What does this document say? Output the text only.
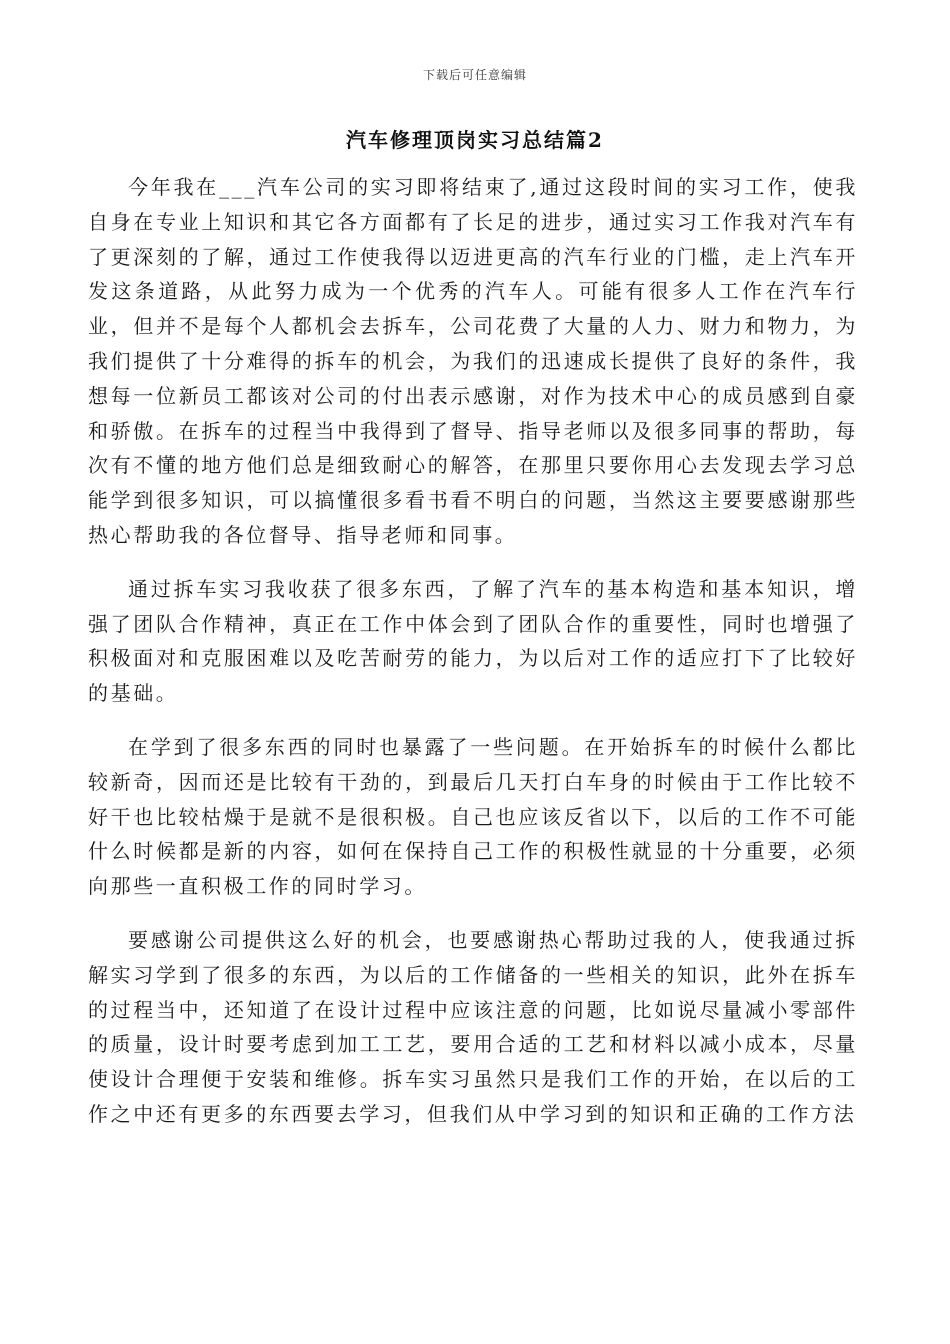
下载后可任意编辑
汽车修理顶岗实习总结篇2

今年我在___汽车公司的实习即将结束了,通过这段时间的实习工作，使我自身在专业上知识和其它各方面都有了长足的进步，通过实习工作我对汽车有了更深刻的了解，通过工作使我得以迈进更高的汽车行业的门槛，走上汽车开发这条道路，从此努力成为一个优秀的汽车人。可能有很多人工作在汽车行业，但并不是每个人都机会去拆车，公司花费了大量的人力、财力和物力，为我们提供了十分难得的拆车的机会，为我们的迅速成长提供了良好的条件，我想每一位新员工都该对公司的付出表示感谢，对作为技术中心的成员感到自豪和骄傲。在拆车的过程当中我得到了督导、指导老师以及很多同事的帮助，每次有不懂的地方他们总是细致耐心的解答，在那里只要你用心去发现去学习总能学到很多知识，可以搞懂很多看书看不明白的问题，当然这主要要感谢那些热心帮助我的各位督导、指导老师和同事。

通过拆车实习我收获了很多东西，了解了汽车的基本构造和基本知识，增强了团队合作精神，真正在工作中体会到了团队合作的重要性，同时也增强了积极面对和克服困难以及吃苦耐劳的能力，为以后对工作的适应打下了比较好的基础。

在学到了很多东西的同时也暴露了一些问题。在开始拆车的时候什么都比较新奇，因而还是比较有干劲的，到最后几天打白车身的时候由于工作比较不好干也比较枯燥于是就不是很积极。自己也应该反省以下，以后的工作不可能什么时候都是新的内容，如何在保持自己工作的积极性就显的十分重要，必须向那些一直积极工作的同时学习。

要感谢公司提供这么好的机会，也要感谢热心帮助过我的人，使我通过拆解实习学到了很多的东西，为以后的工作储备的一些相关的知识，此外在拆车的过程当中，还知道了在设计过程中应该注意的问题，比如说尽量减小零部件的质量，设计时要考虑到加工工艺，要用合适的工艺和材料以减小成本，尽量使设计合理便于安装和维修。拆车实习虽然只是我们工作的开始，在以后的工作之中还有更多的东西要去学习，但我们从中学习到的知识和正确的工作方法
